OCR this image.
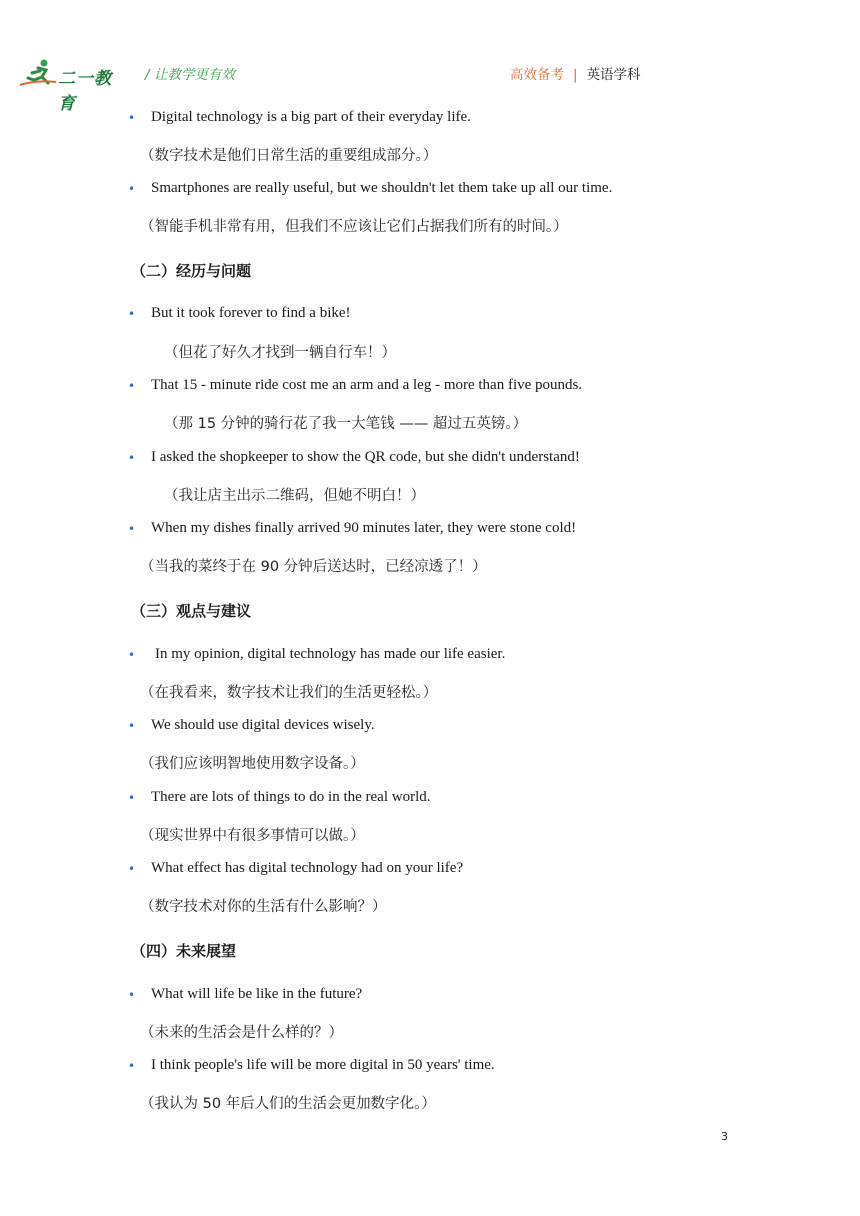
二一教育
/ 让教学更有效	高效备考 | 英语学科
• Digital technology is a big part of their everyday life.
（数字技术是他们日常生活的重要组成部分。）
• Smartphones are really useful, but we shouldn't let them take up all our time.
（智能手机非常有用，但我们不应该让它们占据我们所有的时间。）
（二）经历与问题
• But it took forever to find a bike!
（但花了好久才找到一辆自行车！）
• That 15 - minute ride cost me an arm and a leg - more than five pounds.
（那 15 分钟的骑行花了我一大笔钱 —— 超过五英镑。）
• I asked the shopkeeper to show the QR code, but she didn't understand!
（我让店主出示二维码，但她不明白！）
• When my dishes finally arrived 90 minutes later, they were stone cold!
（当我的菜终于在 90 分钟后送达时，已经凉透了！）
（三）观点与建议
• In my opinion, digital technology has made our life easier.
（在我看来，数字技术让我们的生活更轻松。）
• We should use digital devices wisely.
（我们应该明智地使用数字设备。）
• There are lots of things to do in the real world.
（现实世界中有很多事情可以做。）
• What effect has digital technology had on your life?
（数字技术对你的生活有什么影响？）
（四）未来展望
• What will life be like in the future?
（未来的生活会是什么样的？）
• I think people's life will be more digital in 50 years' time.
（我认为 50 年后人们的生活会更加数字化。）
3
